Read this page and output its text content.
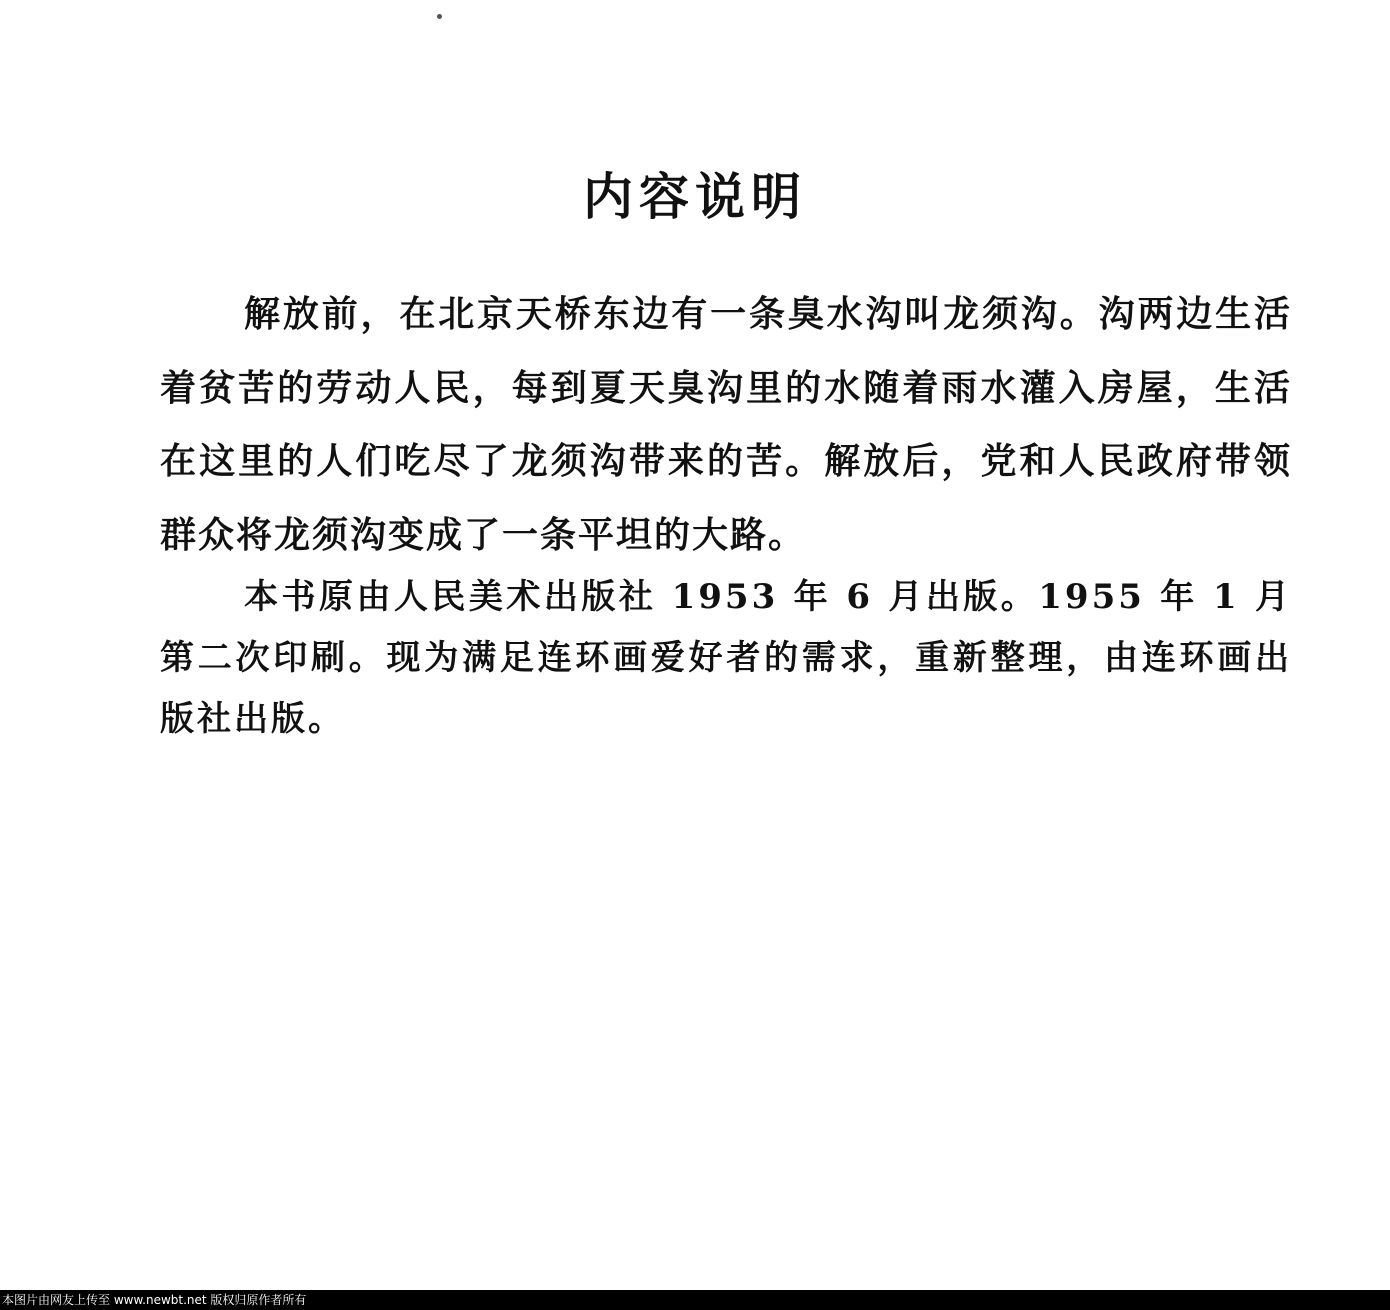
内容说明

解放前，在北京天桥东边有一条臭水沟叫龙须沟。沟两边生活着贫苦的劳动人民，每到夏天臭沟里的水随着雨水灌入房屋，生活在这里的人们吃尽了龙须沟带来的苦。解放后，党和人民政府带领群众将龙须沟变成了一条平坦的大路。

本书原由人民美术出版社 1953 年 6 月出版。1955 年 1 月第二次印刷。现为满足连环画爱好者的需求，重新整理，由连环画出版社出版。

本图片由网友上传至 www.newbt.net 版权归原作者所有
